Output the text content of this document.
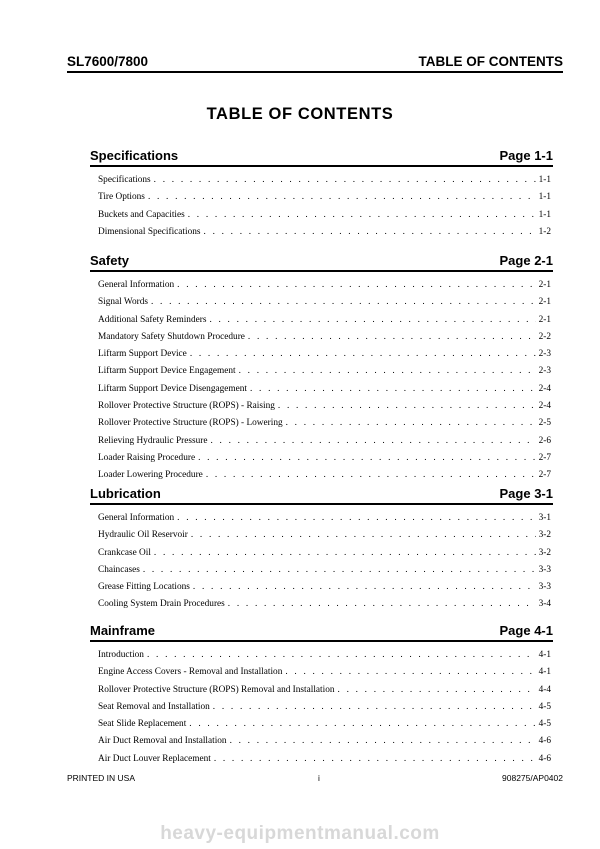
SL7600/7800	TABLE OF CONTENTS
TABLE OF CONTENTS
Specifications	Page 1-1
Specifications . . .	1-1
Tire Options . . .	1-1
Buckets and Capacities . . .	1-1
Dimensional Specifications . . .	1-2
Safety	Page 2-1
General Information . . .	2-1
Signal Words . . .	2-1
Additional Safety Reminders . . .	2-1
Mandatory Safety Shutdown Procedure . . .	2-2
Liftarm Support Device . . .	2-3
Liftarm Support Device Engagement . . .	2-3
Liftarm Support Device Disengagement . . .	2-4
Rollover Protective Structure (ROPS) - Raising . . .	2-4
Rollover Protective Structure (ROPS) - Lowering . . .	2-5
Relieving Hydraulic Pressure . . .	2-6
Loader Raising Procedure . . .	2-7
Loader Lowering Procedure . . .	2-7
Lubrication	Page 3-1
General Information . . .	3-1
Hydraulic Oil Reservoir . . .	3-2
Crankcase Oil . . .	3-2
Chaincases . . .	3-3
Grease Fitting Locations . . .	3-3
Cooling System Drain Procedures . . .	3-4
Mainframe	Page 4-1
Introduction . . .	4-1
Engine Access Covers - Removal and Installation . . .	4-1
Rollover Protective Structure (ROPS) Removal and Installation . . .	4-4
Seat Removal and Installation . . .	4-5
Seat Slide Replacement . . .	4-5
Air Duct Removal and Installation . . .	4-6
Air Duct Louver Replacement . . .	4-6
PRINTED IN USA	i	908275/AP0402
heavy-equipmentmanual.com
